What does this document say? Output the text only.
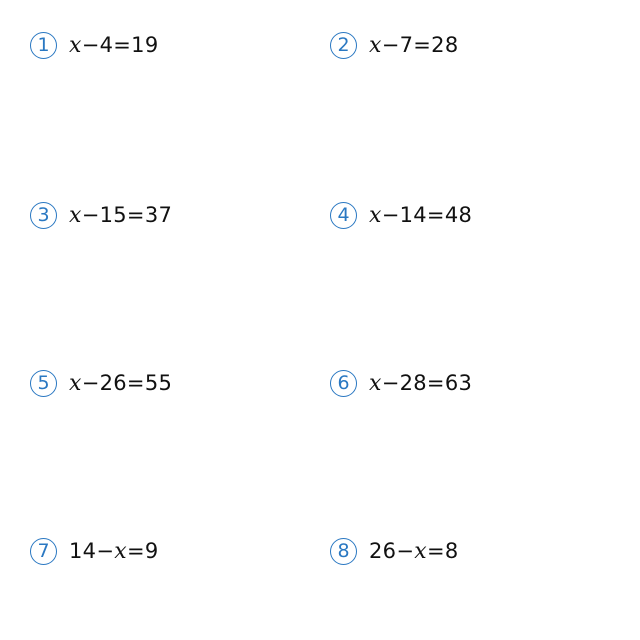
1 x−4=19	2 x−7=28
3 x−15=37	4 x−14=48
5 x−26=55	6 x−28=63
7 14−x=9	8 26−x=8
